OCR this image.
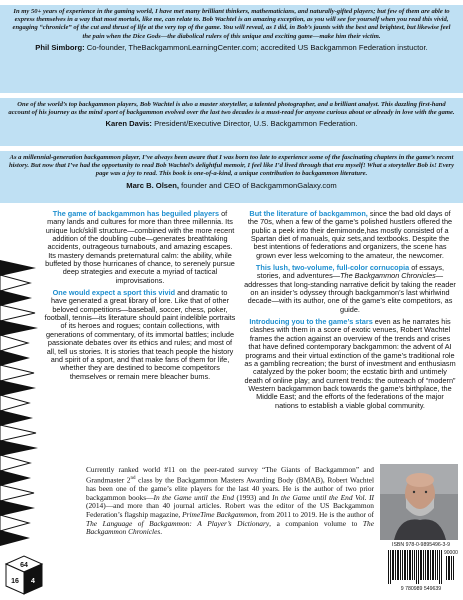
In my 50+ years of experience in the gaming world, I have met many brilliant thinkers, mathematicians, and naturally-gifted players; but few of them are able to express themselves in a way that most mortals, like me, can relate to. Bob Wachtel is an amazing exception, as you will see for yourself when you read this vivid, engaging “chronicle” of the cut and thrust of life at the very top of the game. You will reveal, as I did, in Bob’s jaunts with the best and brightest, but likewise feel the pain when the Dice Gods—the diabolical rulers of this unique and exciting game—make him their victim.

Phil Simborg: Co-founder, TheBackgammonLearningCenter.com; accredited US Backgammon Federation instuctor.

One of the world’s top backgammon players, Bob Wachtel is also a master storyteller, a talented photographer, and a brilliant analyst. This dazzling first-hand account of his journey as the mind sport of backgammon evolved over the last two decades is a must-read for anyone curious about or already in love with the game.

Karen Davis: President/Executive Director, U.S. Backgammon Federation.

As a millennial-generation backgammon player, I’ve always been aware that I was born too late to experience some of the fascinating chapters in the game’s recent history. But now that I’ve had the opportunity to read Bob Wachtel’s delightful memoir, I feel like I’d lived through that era myself! What a storyteller Bob is! Every page was a joy to read. This book is one-of-a-kind, a unique contribution to backgammon literature.

Marc B. Olsen, founder and CEO of BackgammonGalaxy.com

The game of backgammon has beguiled players of many lands and cultures for more than three millennia. Its unique luck/skill structure—combined with the more recent addition of the doubling cube—generates breathtaking accidents, outrageous turnabouts, and amazing escapes. Its mastery demands preternatural calm: the ability, while buffeted by those hurricanes of chance, to serenely pursue deep strategies and execute a myriad of tactical improvisations.

One would expect a sport this vivid and dramatic to have generated a great library of lore. Like that of other beloved competitions—baseball, soccer, chess, poker, football, tennis—its literature should paint indelible portraits of its heroes and rogues; contain collections, with generations of commentary, of its immortal battles; include passionate debates over its ethics and rules; and most of all, tell us stories. It is stories that teach people the history and spirit of a sport, and that make fans of them for life, whether they are destined to become competitors themselves or remain mere bleacher bums.

But the literature of backgammon, since the bad old days of the 70s, when a few of the game’s polished hustlers offered the public a peek into their demimonde,has mostly consisted of a Spartan diet of manuals, quiz sets,and textbooks. Despite the best intentions of federations and organizers, the scene has grown ever less welcoming to the amateur, the newcomer.

This lush, two-volume, full-color cornucopia of essays, stories, and adventures—The Backgammon Chronicles—addresses that long-standing narrative deficit by taking the reader on an insider’s odyssey through backgammon’s last whirlwind decade—with its author, one of the game’s elite competitors, as guide.

Introducing you to the game’s stars even as he narrates his clashes with them in a score of exotic venues, Robert Wachtel frames the action against an overview of the trends and crises that have defined contemporary backgammon: the advent of AI programs and their virtual extinction of the game’s traditional role as a gambling recreation; the burst of investment and enthusiasm catalyzed by the poker boom; the ecstatic birth and untimely death of online play; and current trends: the outreach of “modern” Western backgammon back towards the game’s birthplace, the Middle East; and the efforts of the federations of the major nations to establish a viable global community.

Currently ranked world #11 on the peer-rated survey “The Giants of Backgammon” and Grandmaster 2nd class by the Backgammon Masters Awarding Body (BMAB), Robert Wachtel has been one of the game’s elite players for the last 40 years. He is the author of two prior backgammon books—In the Game until the End (1993) and In the Game until the End Vol. II (2014)—and more than 40 journal articles. Robert was the editor of the US Backgammon Federation’s flagship magazine, PrimeTime Backgammon, from 2011 to 2019. He is the author of The Language of Backgammon: A Player’s Dictionary, a companion volume to The Backgammon Chronicles.
90000
9 780989 549639
ISBN 978-0-9895496-3-9
64
16 4
